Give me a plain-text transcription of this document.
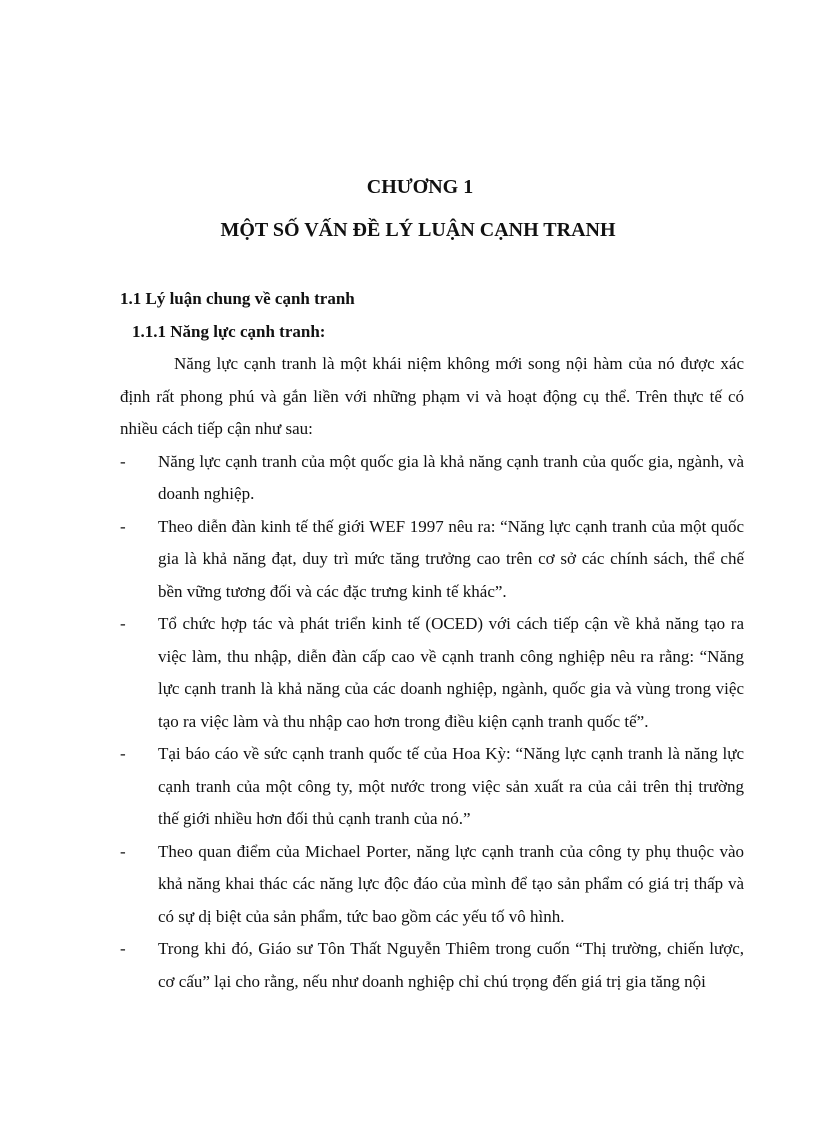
CHƯƠNG 1
MỘT SỐ VẤN ĐỀ LÝ LUẬN CẠNH TRANH

1.1 Lý luận chung về cạnh tranh

1.1.1 Năng lực cạnh tranh:

Năng lực cạnh tranh là một khái niệm không mới song nội hàm của nó được xác định rất phong phú và gắn liền với những phạm vi và hoạt động cụ thể. Trên thực tế có nhiều cách tiếp cận như sau:

- Năng lực cạnh tranh của một quốc gia là khả năng cạnh tranh của quốc gia, ngành, và doanh nghiệp.

- Theo diễn đàn kinh tế thế giới WEF 1997 nêu ra: “Năng lực cạnh tranh của một quốc gia là khả năng đạt, duy trì mức tăng trưởng cao trên cơ sở các chính sách, thể chế bền vững tương đối và các đặc trưng kinh tế khác”.

- Tổ chức hợp tác và phát triển kinh tế (OCED) với cách tiếp cận về khả năng tạo ra việc làm, thu nhập, diễn đàn cấp cao về cạnh tranh công nghiệp nêu ra rằng: “Năng lực cạnh tranh là khả năng của các doanh nghiệp, ngành, quốc gia và vùng trong việc tạo ra việc làm và thu nhập cao hơn trong điều kiện cạnh tranh quốc tế”.

- Tại báo cáo về sức cạnh tranh quốc tế của Hoa Kỳ: “Năng lực cạnh tranh là năng lực cạnh tranh của một công ty, một nước trong việc sản xuất ra của cải trên thị trường thế giới nhiều hơn đối thủ cạnh tranh của nó.”

- Theo quan điểm của Michael Porter, năng lực cạnh tranh của công ty phụ thuộc vào khả năng khai thác các năng lực độc đáo của mình để tạo sản phẩm có giá trị thấp và có sự dị biệt của sản phẩm, tức bao gồm các yếu tố vô hình.

- Trong khi đó, Giáo sư Tôn Thất Nguyễn Thiêm trong cuốn “Thị trường, chiến lược, cơ cấu” lại cho rằng, nếu như doanh nghiệp chỉ chú trọng đến giá trị gia tăng nội
